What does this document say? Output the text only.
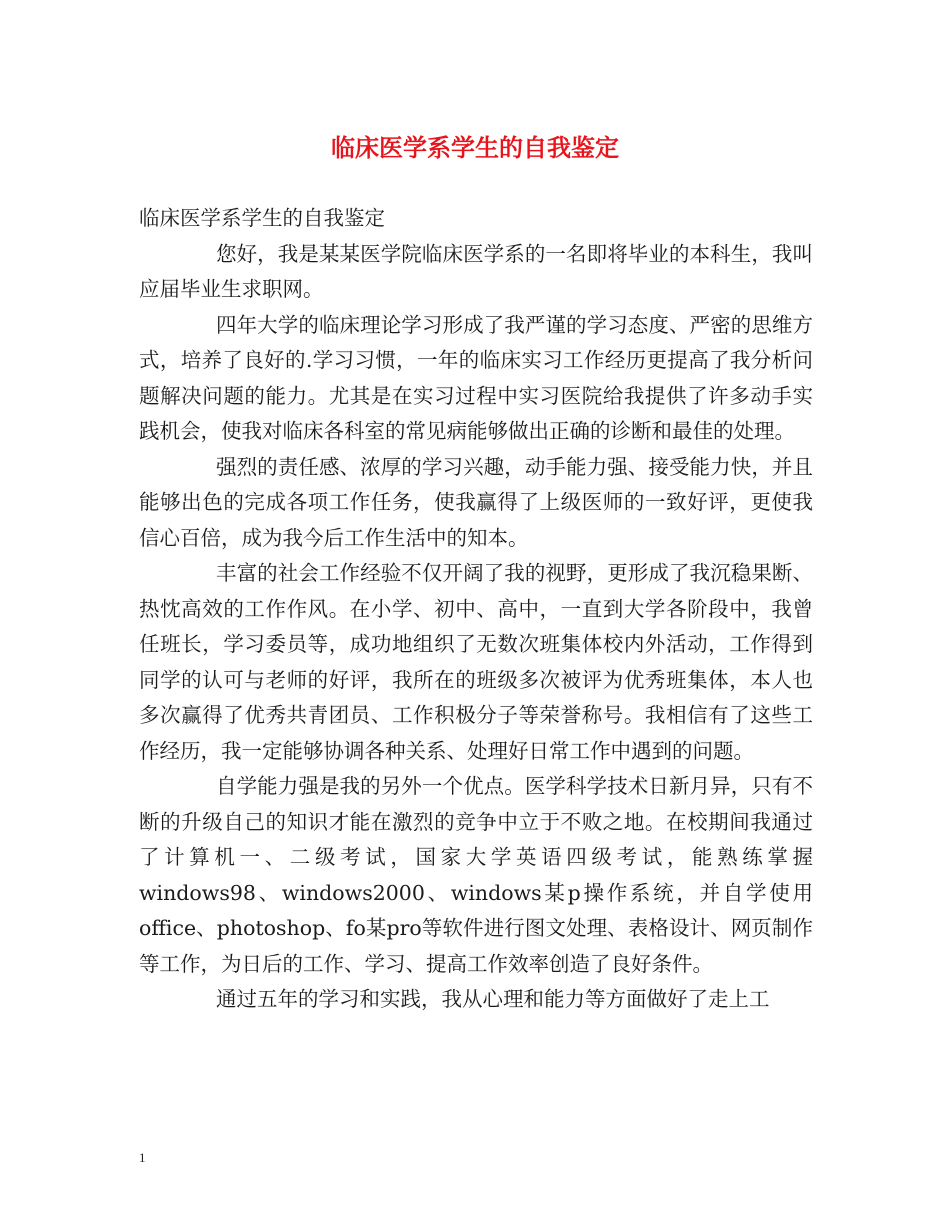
临床医学系学生的自我鉴定

临床医学系学生的自我鉴定

您好，我是某某医学院临床医学系的一名即将毕业的本科生，我叫应届毕业生求职网。

四年大学的临床理论学习形成了我严谨的学习态度、严密的思维方式，培养了良好的.学习习惯，一年的临床实习工作经历更提高了我分析问题解决问题的能力。尤其是在实习过程中实习医院给我提供了许多动手实践机会，使我对临床各科室的常见病能够做出正确的诊断和最佳的处理。

强烈的责任感、浓厚的学习兴趣，动手能力强、接受能力快，并且能够出色的完成各项工作任务，使我赢得了上级医师的一致好评，更使我信心百倍，成为我今后工作生活中的知本。

丰富的社会工作经验不仅开阔了我的视野，更形成了我沉稳果断、热忱高效的工作作风。在小学、初中、高中，一直到大学各阶段中，我曾任班长，学习委员等，成功地组织了无数次班集体校内外活动，工作得到同学的认可与老师的好评，我所在的班级多次被评为优秀班集体，本人也多次赢得了优秀共青团员、工作积极分子等荣誉称号。我相信有了这些工作经历，我一定能够协调各种关系、处理好日常工作中遇到的问题。

自学能力强是我的另外一个优点。医学科学技术日新月异，只有不断的升级自己的知识才能在激烈的竞争中立于不败之地。在校期间我通过了计算机一、二级考试，国家大学英语四级考试，能熟练掌握windows98、windows2000、windows某p操作系统，并自学使用office、photoshop、fo某pro等软件进行图文处理、表格设计、网页制作等工作，为日后的工作、学习、提高工作效率创造了良好条件。

通过五年的学习和实践，我从心理和能力等方面做好了走上工

1
